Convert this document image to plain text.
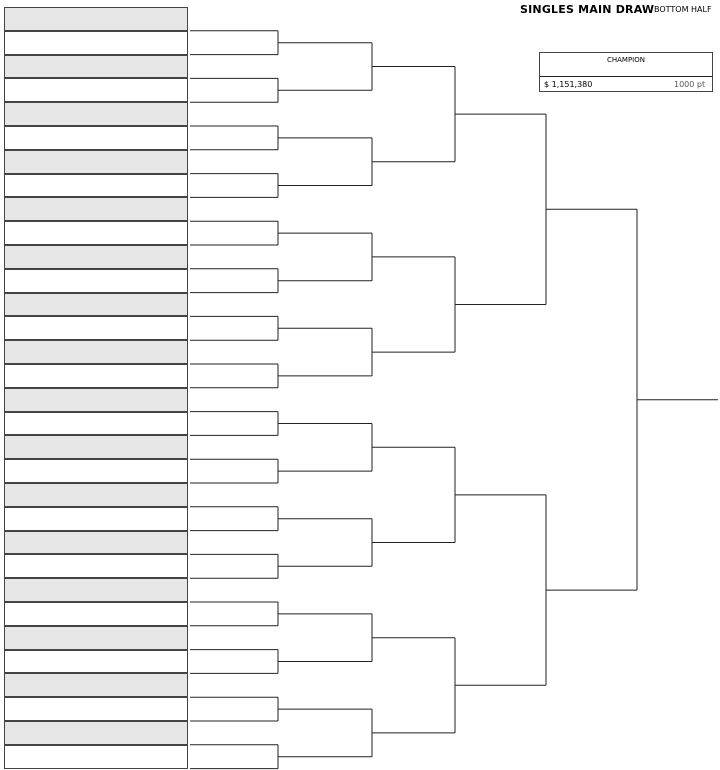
SINGLES MAIN DRAW BOTTOM HALF
CHAMPION
$ 1,151,380	1000 pt
